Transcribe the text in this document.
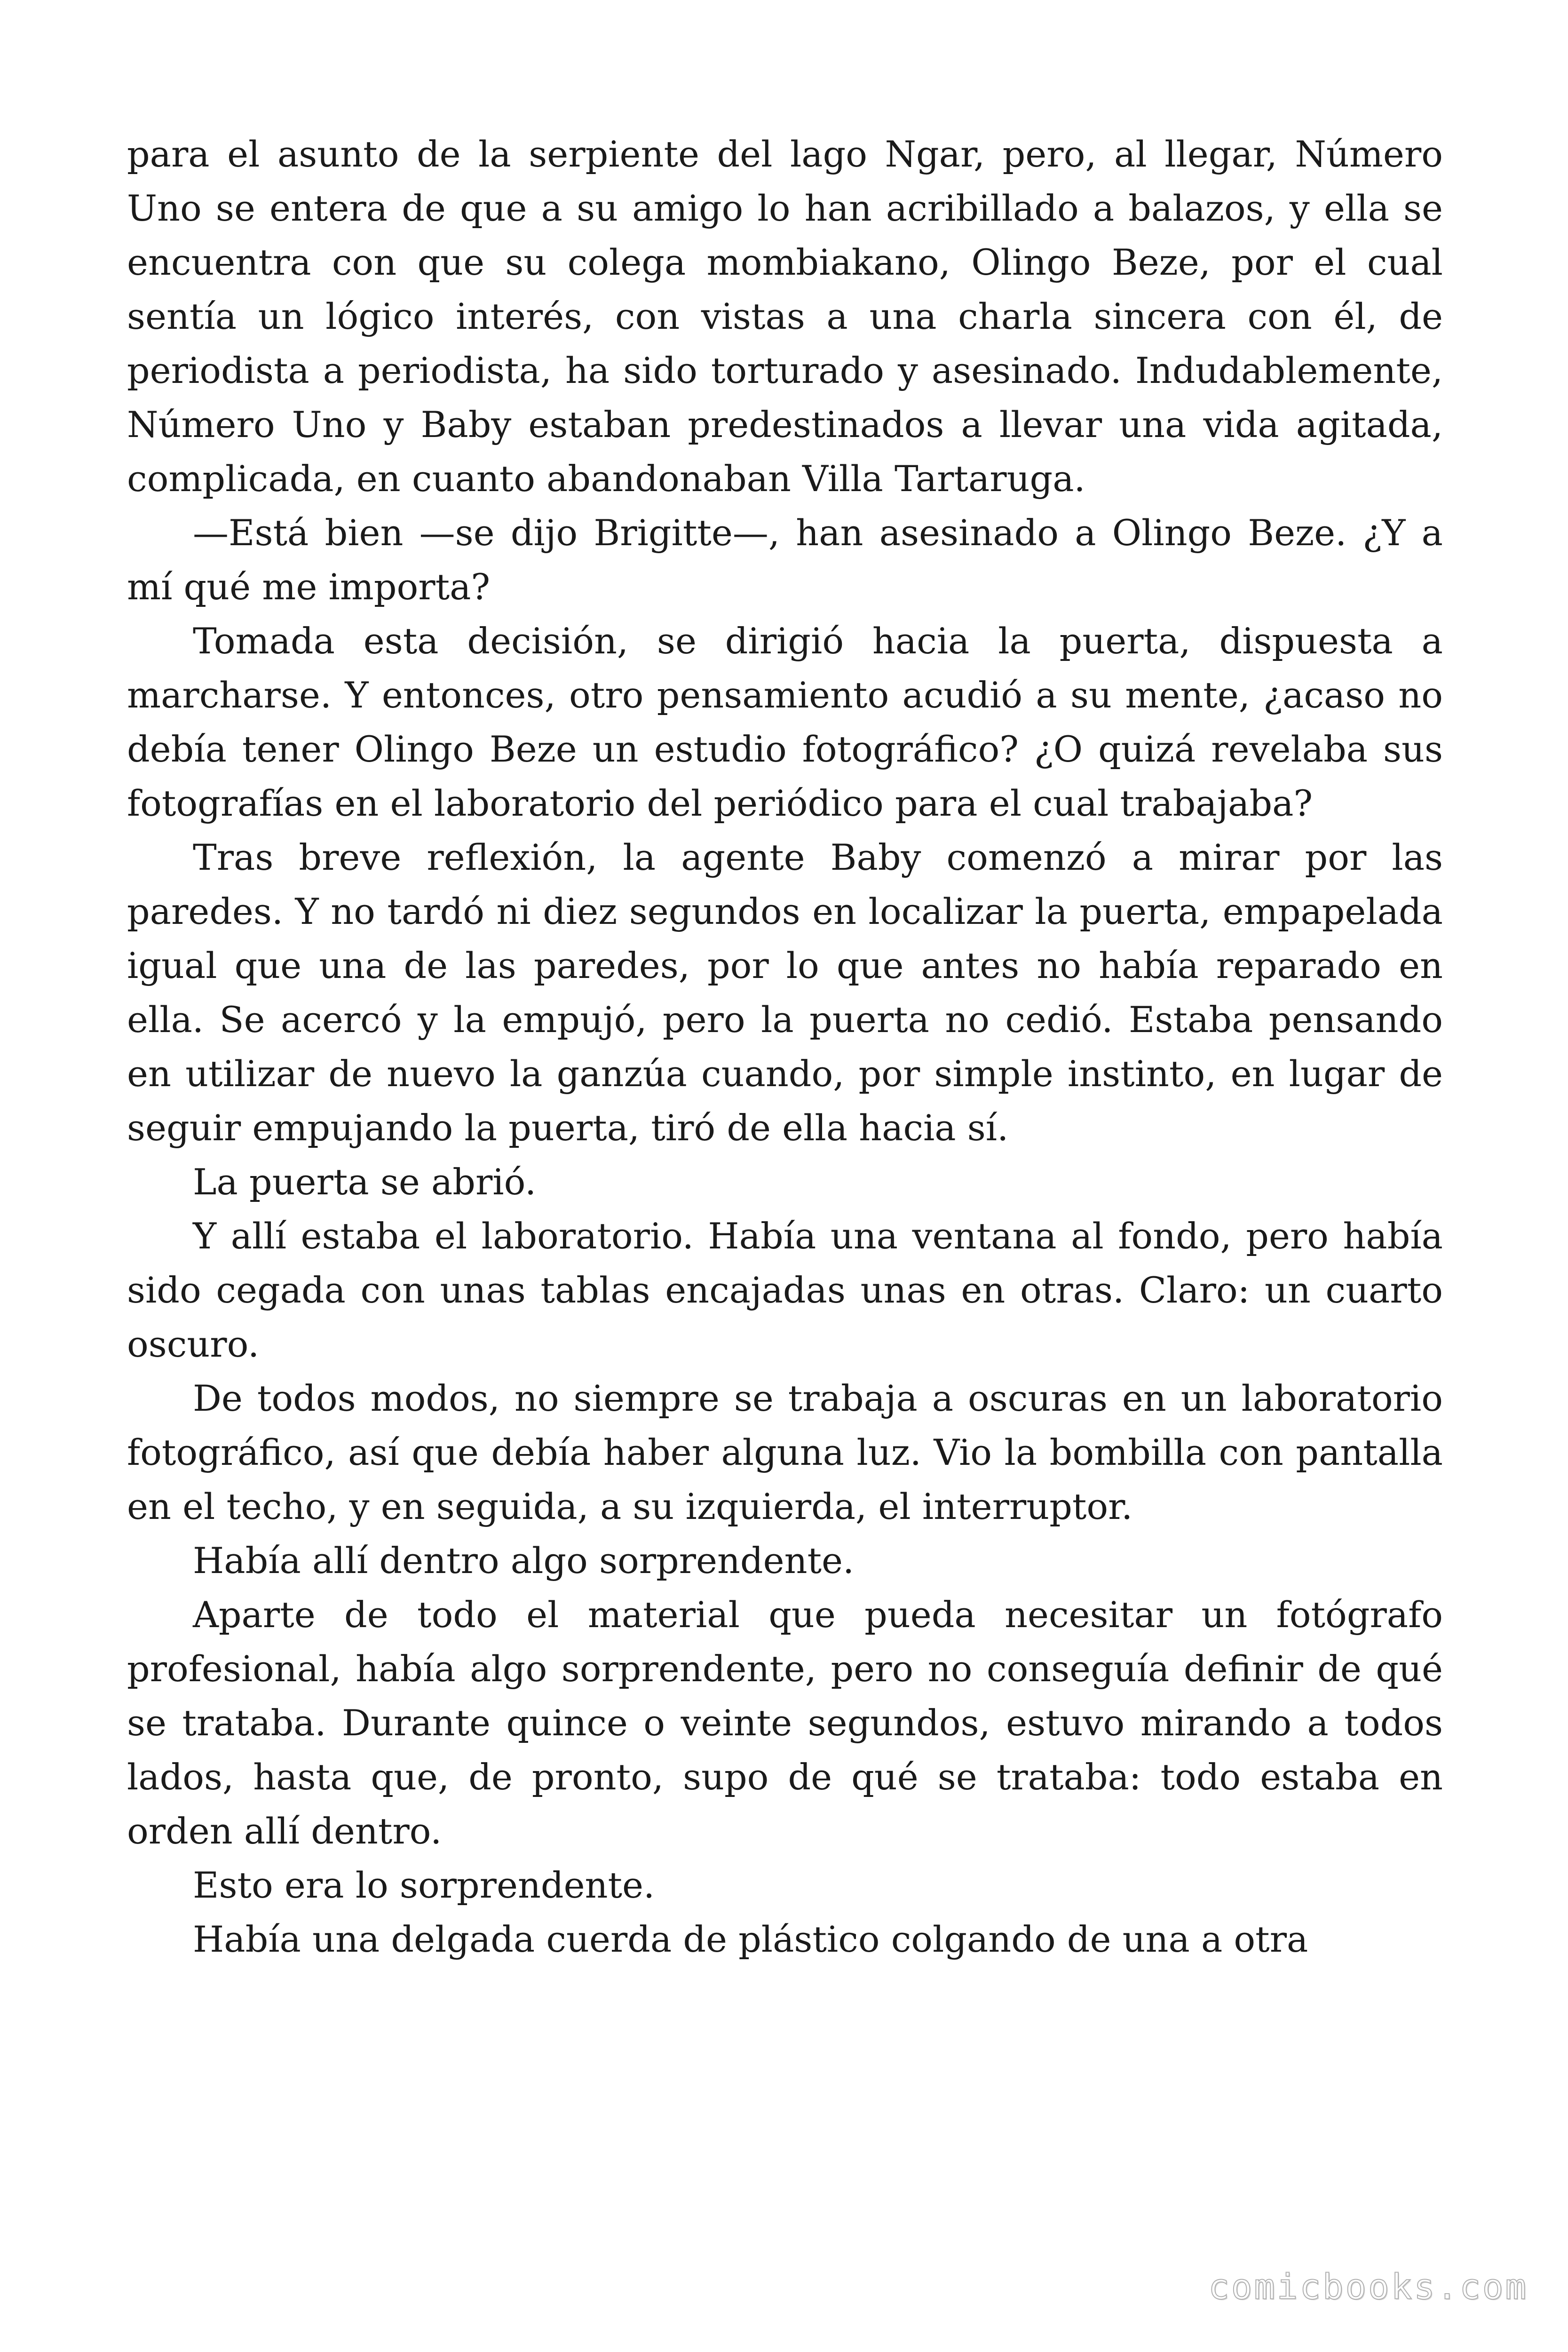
para el asunto de la serpiente del lago Ngar, pero, al llegar, Número Uno se entera de que a su amigo lo han acribillado a balazos, y ella se encuentra con que su colega mombiakano, Olingo Beze, por el cual sentía un lógico interés, con vistas a una charla sincera con él, de periodista a periodista, ha sido torturado y asesinado. Indudablemente, Número Uno y Baby estaban predestinados a llevar una vida agitada, complicada, en cuanto abandonaban Villa Tartaruga.

—Está bien —se dijo Brigitte—, han asesinado a Olingo Beze. ¿Y a mí qué me importa?

Tomada esta decisión, se dirigió hacia la puerta, dispuesta a marcharse. Y entonces, otro pensamiento acudió a su mente, ¿acaso no debía tener Olingo Beze un estudio fotográfico? ¿O quizá revelaba sus fotografías en el laboratorio del periódico para el cual trabajaba?

Tras breve reflexión, la agente Baby comenzó a mirar por las paredes. Y no tardó ni diez segundos en localizar la puerta, empapelada igual que una de las paredes, por lo que antes no había reparado en ella. Se acercó y la empujó, pero la puerta no cedió. Estaba pensando en utilizar de nuevo la ganzúa cuando, por simple instinto, en lugar de seguir empujando la puerta, tiró de ella hacia sí.

La puerta se abrió.

Y allí estaba el laboratorio. Había una ventana al fondo, pero había sido cegada con unas tablas encajadas unas en otras. Claro: un cuarto oscuro.

De todos modos, no siempre se trabaja a oscuras en un laboratorio fotográfico, así que debía haber alguna luz. Vio la bombilla con pantalla en el techo, y en seguida, a su izquierda, el interruptor.

Había allí dentro algo sorprendente.

Aparte de todo el material que pueda necesitar un fotógrafo profesional, había algo sorprendente, pero no conseguía definir de qué se trataba. Durante quince o veinte segundos, estuvo mirando a todos lados, hasta que, de pronto, supo de qué se trataba: todo estaba en orden allí dentro.

Esto era lo sorprendente.

Había una delgada cuerda de plástico colgando de una a otra

comicbooks.com
